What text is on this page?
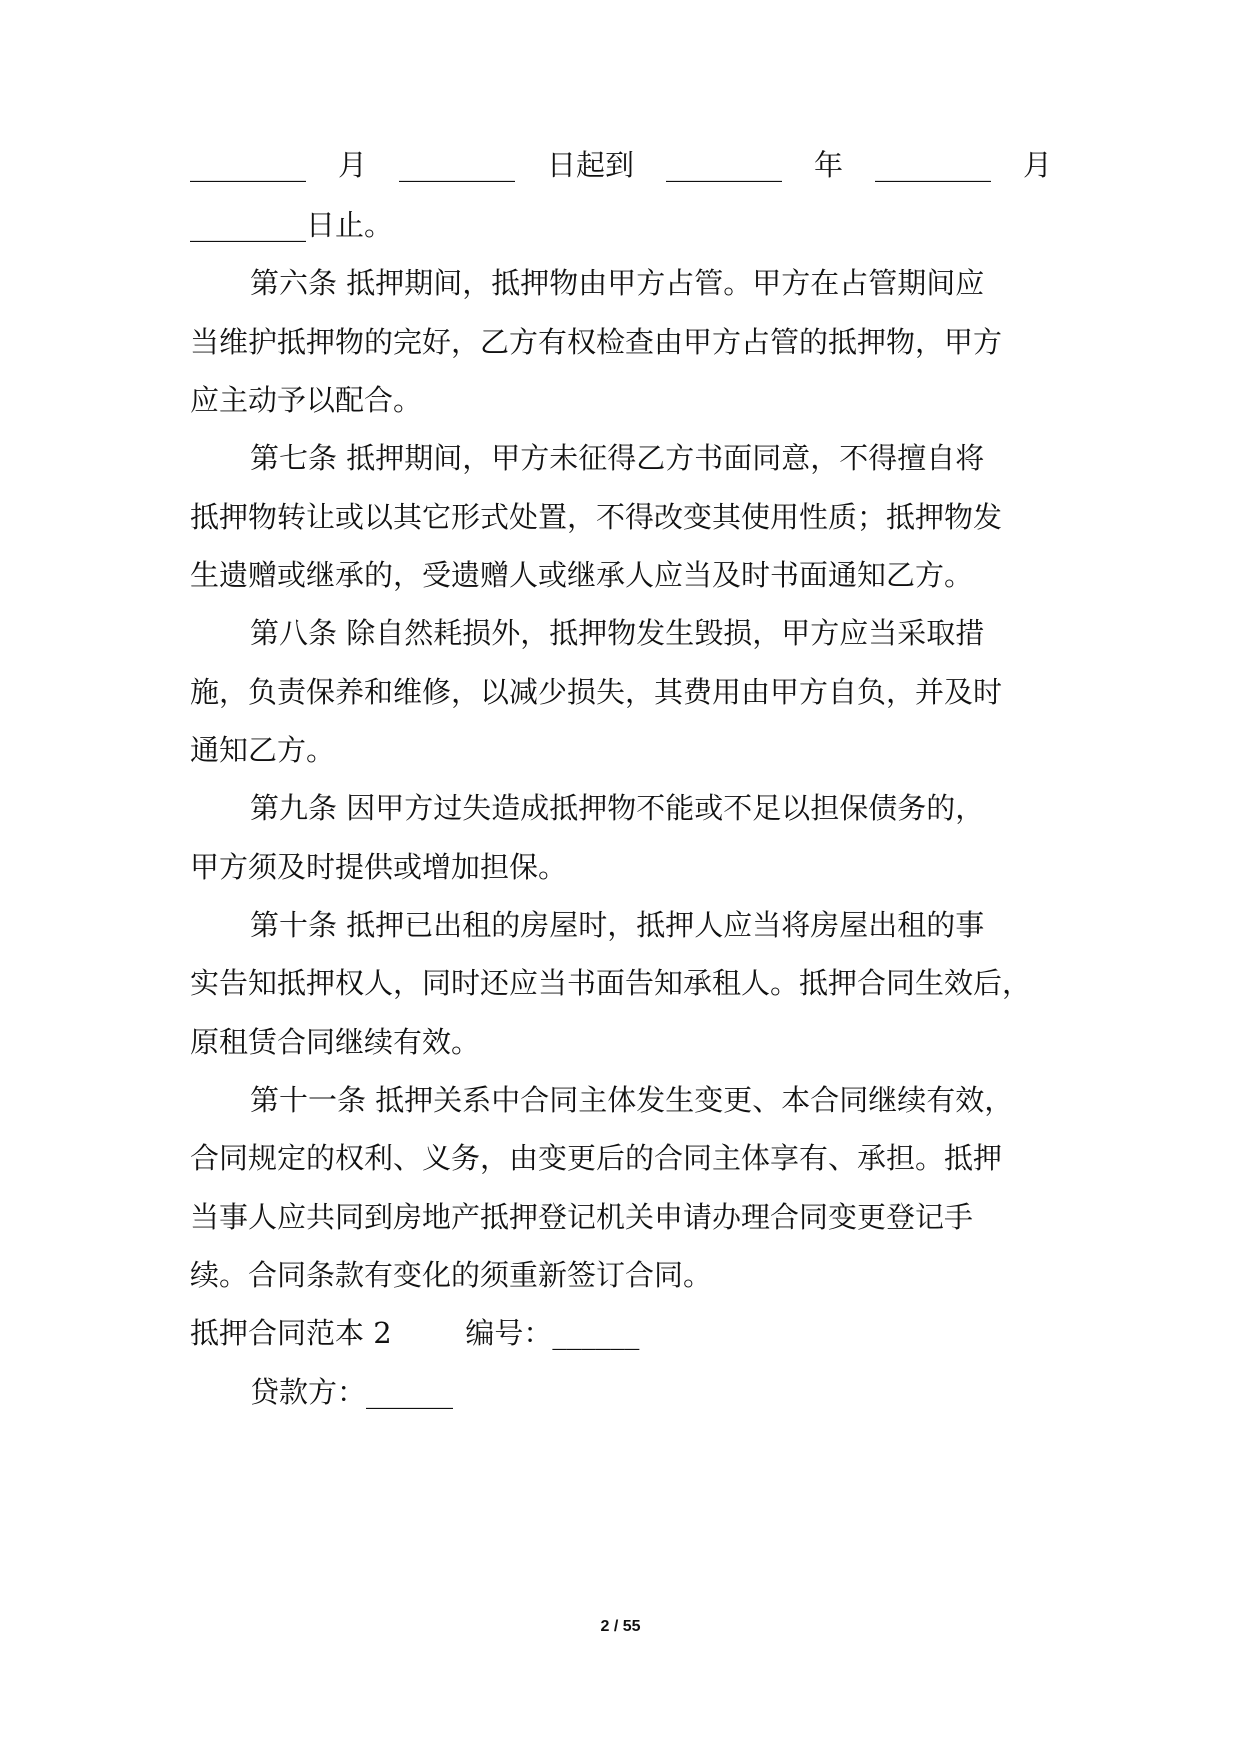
________ 月 ________ 日起到 ________ 年 ________ 月
________日止。
第六条 抵押期间，抵押物由甲方占管。甲方在占管期间应
当维护抵押物的完好，乙方有权检查由甲方占管的抵押物，甲方
应主动予以配合。
第七条 抵押期间，甲方未征得乙方书面同意，不得擅自将
抵押物转让或以其它形式处置，不得改变其使用性质；抵押物发
生遗赠或继承的，受遗赠人或继承人应当及时书面通知乙方。
第八条 除自然耗损外，抵押物发生毁损，甲方应当采取措
施，负责保养和维修，以减少损失，其费用由甲方自负，并及时
通知乙方。
第九条 因甲方过失造成抵押物不能或不足以担保债务的，
甲方须及时提供或增加担保。
第十条 抵押已出租的房屋时，抵押人应当将房屋出租的事
实告知抵押权人，同时还应当书面告知承租人。抵押合同生效后，
原租赁合同继续有效。
第十一条 抵押关系中合同主体发生变更、本合同继续有效，
合同规定的权利、义务，由变更后的合同主体享有、承担。抵押
当事人应共同到房地产抵押登记机关申请办理合同变更登记手
续。合同条款有变化的须重新签订合同。
抵押合同范本 2        编号：______
贷款方：______
2 / 55
